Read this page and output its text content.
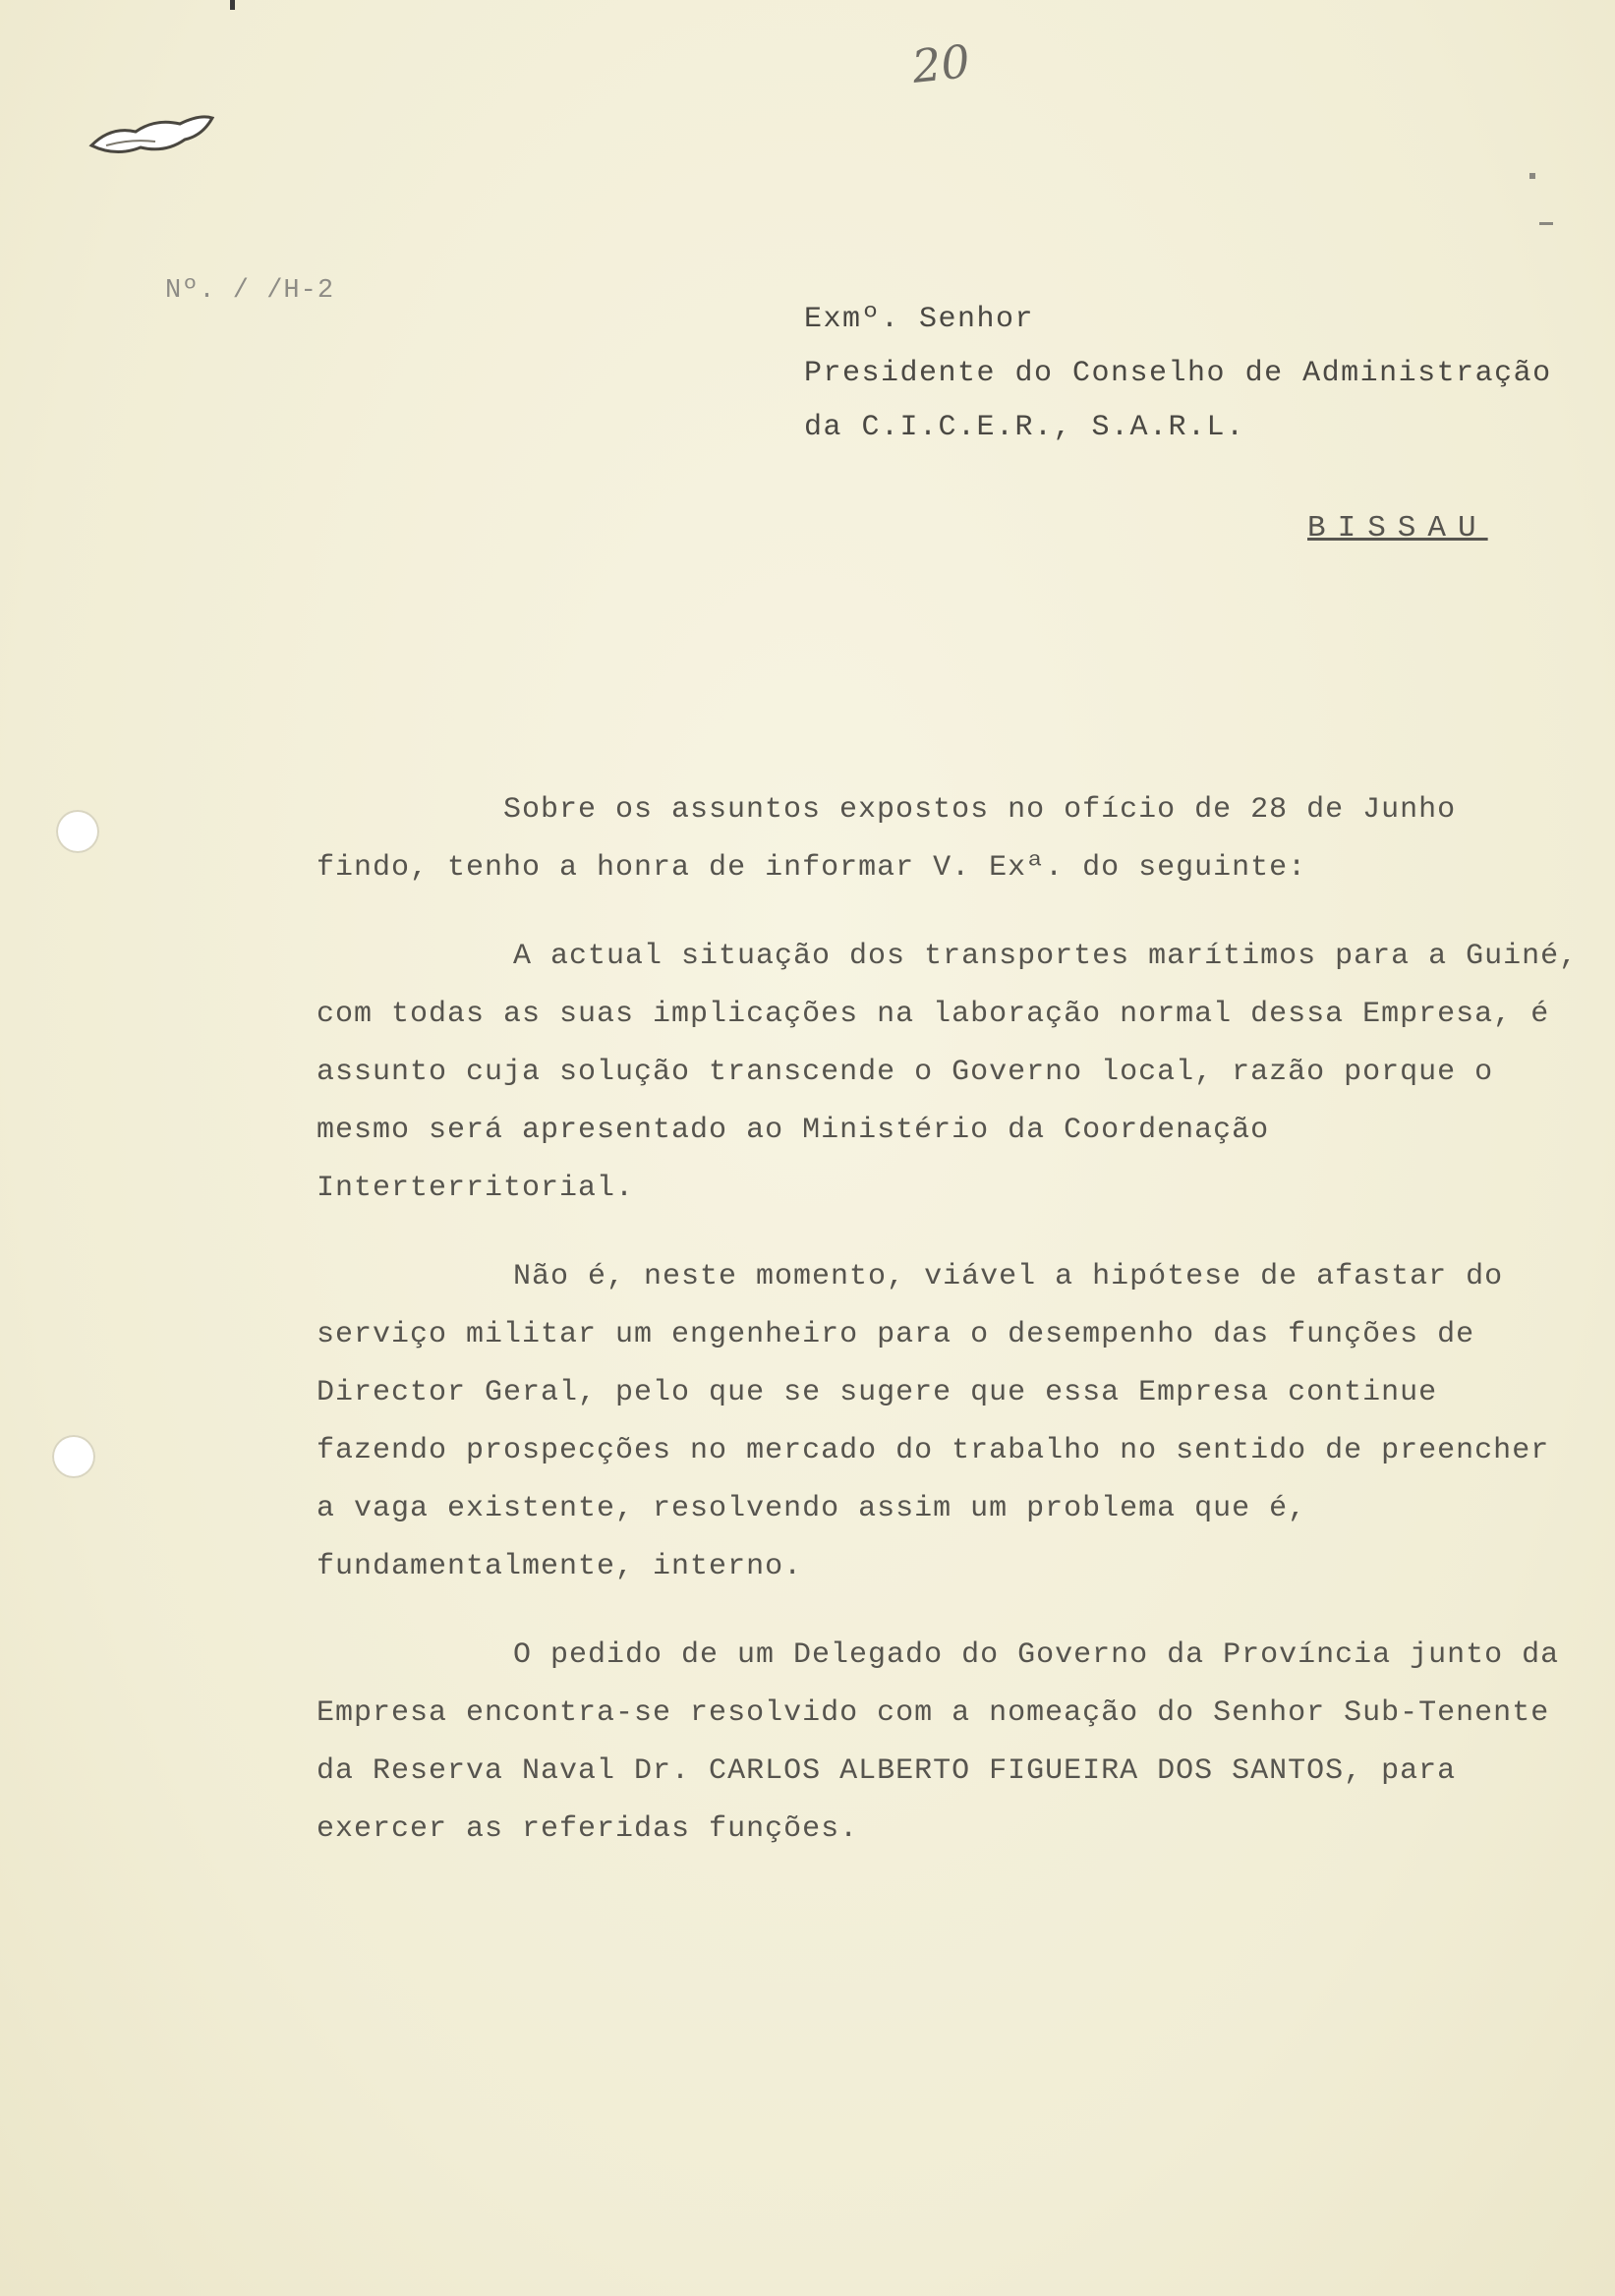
20
Nº. / /H-2
Exmº. Senhor
Presidente do Conselho de Administração
da C.I.C.E.R., S.A.R.L.
BISSAU

Sobre os assuntos expostos no ofício de 28 de Junho findo, tenho a honra de informar V. Exª. do seguinte:

A actual situação dos transportes marítimos para a Guiné, com todas as suas implicações na laboração normal dessa Empresa, é assunto cuja solução transcende o Governo local, razão porque o mesmo será apresentado ao Ministério da Coordenação Interterritorial.

Não é, neste momento, viável a hipótese de afastar do serviço militar um engenheiro para o desempenho das funções de Director Geral, pelo que se sugere que essa Empresa continue fazendo prospecções no mercado do trabalho no sentido de preencher a vaga existente, resolvendo assim um problema que é, fundamentalmente, interno.

O pedido de um Delegado do Governo da Província junto da Empresa encontra-se resolvido com a nomeação do Senhor Sub-Tenente da Reserva Naval Dr. CARLOS ALBERTO FIGUEIRA DOS SANTOS, para exercer as referidas funções.
